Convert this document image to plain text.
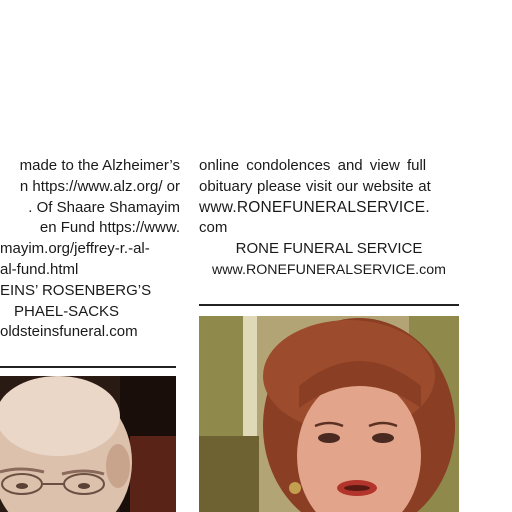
made to the Alzheimer’s
n https://www.alz.org/ or
. Of Shaare Shamayim
en Fund https://www.
mayim.org/jeffrey-r.-al-
al-fund.html
EINS’ ROSENBERG’S
PHAEL-SACKS
oldsteinsfuneral.com
online condolences and view full
obituary please visit our website at
www.RONEFUNERALSERVICE.
com
RONE FUNERAL SERVICE
www.RONEFUNERALSERVICE.com
